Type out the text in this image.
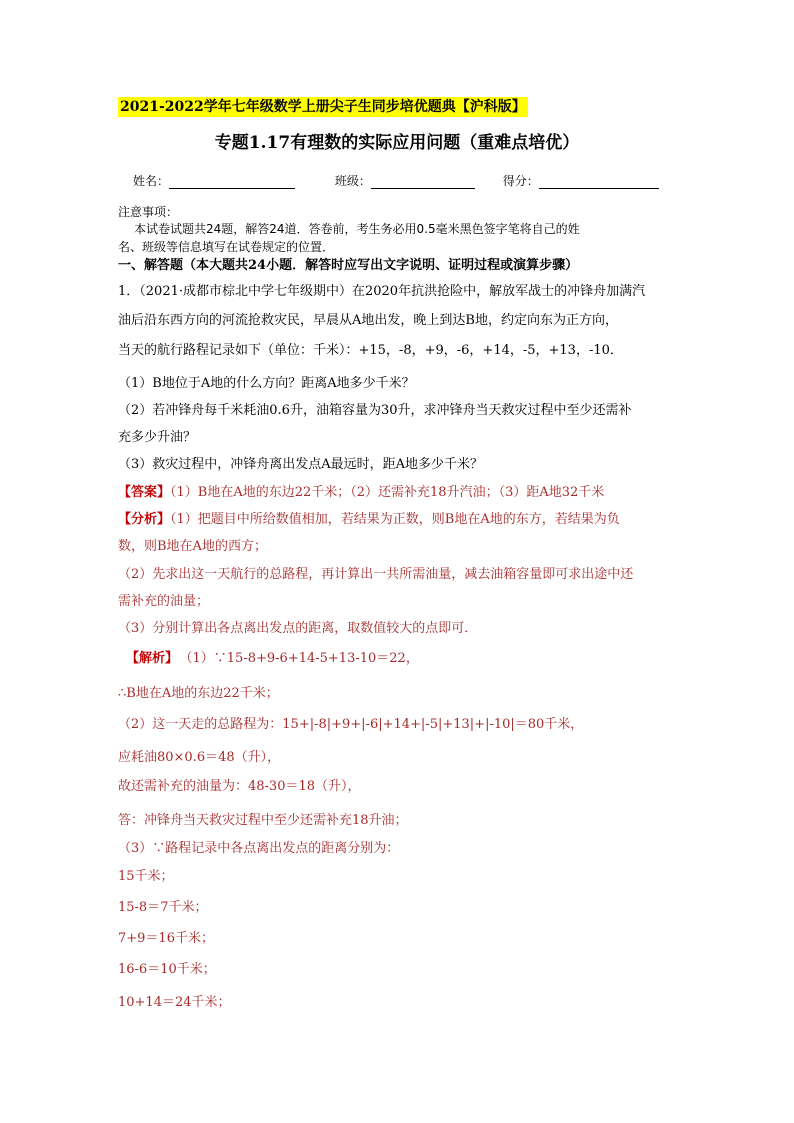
2021-2022学年七年级数学上册尖子生同步培优题典【沪科版】
专题1.17有理数的实际应用问题（重难点培优）
姓名：	班级：	得分：
注意事项：
本试卷试题共24题，解答24道．答卷前，考生务必用0.5毫米黑色签字笔将自己的姓
名、班级等信息填写在试卷规定的位置．
一、解答题（本大题共24小题．解答时应写出文字说明、证明过程或演算步骤）
1．（2021·成都市棕北中学七年级期中）在2020年抗洪抢险中，解放军战士的冲锋舟加满汽
油后沿东西方向的河流抢救灾民，早晨从A地出发，晚上到达B地，约定向东为正方向，
当天的航行路程记录如下（单位：千米）：+15，-8，+9，-6，+14，-5，+13，-10．
（1）B地位于A地的什么方向？距离A地多少千米？
（2）若冲锋舟每千米耗油0.6升，油箱容量为30升，求冲锋舟当天救灾过程中至少还需补
充多少升油？
（3）救灾过程中，冲锋舟离出发点A最远时，距A地多少千米？
【答案】（1）B地在A地的东边22千米；（2）还需补充18升汽油；（3）距A地32千米
【分析】（1）把题目中所给数值相加，若结果为正数，则B地在A地的东方，若结果为负
数，则B地在A地的西方；
（2）先求出这一天航行的总路程，再计算出一共所需油量，减去油箱容量即可求出途中还
需补充的油量；
（3）分别计算出各点离出发点的距离，取数值较大的点即可．
【解析】 （1）∵15-8+9-6+14-5+13-10＝22，
∴B地在A地的东边22千米；
（2）这一天走的总路程为：15+|-8|+9+|-6|+14+|-5|+13|+|-10|＝80千米，
应耗油80×0.6＝48（升），
故还需补充的油量为：48-30＝18（升），
答：冲锋舟当天救灾过程中至少还需补充18升油；
（3）∵路程记录中各点离出发点的距离分别为：
15千米；
15-8＝7千米；
7+9＝16千米；
16-6＝10千米；
10+14＝24千米；
